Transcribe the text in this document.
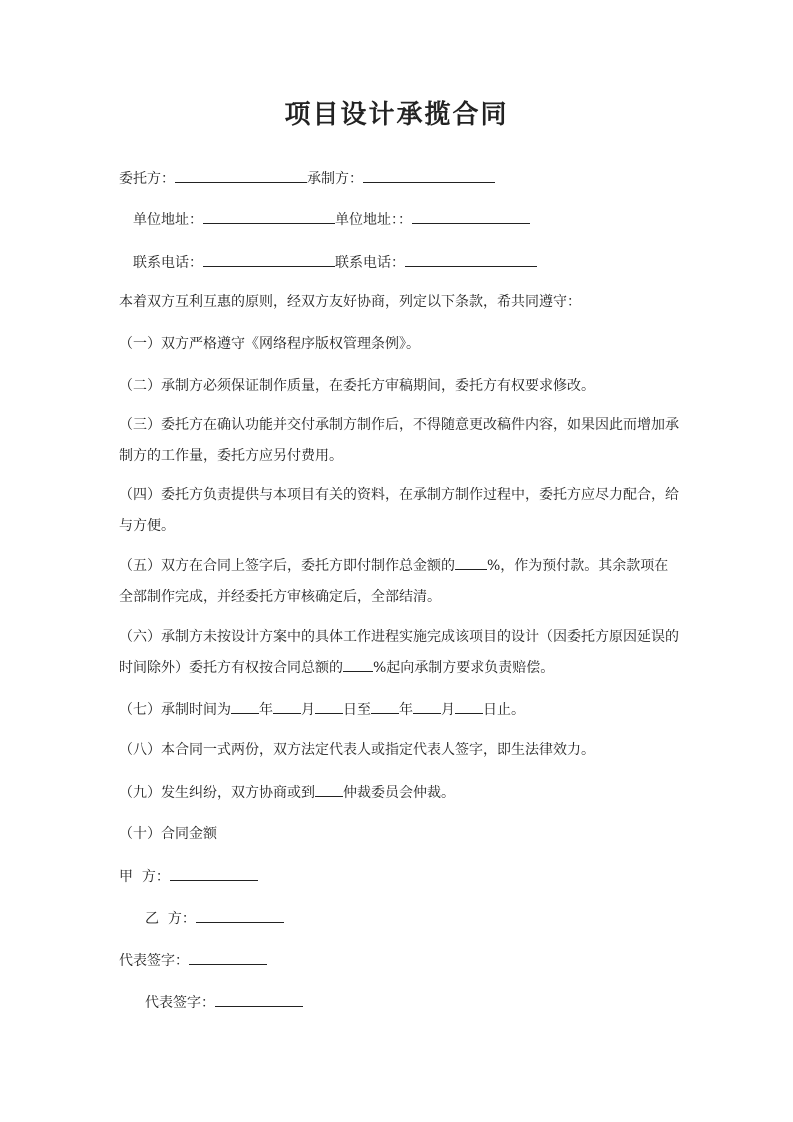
项目设计承揽合同
委托方：	承制方：
单位地址：	单位地址：：
联系电话：	联系电话：
本着双方互利互惠的原则，经双方友好协商，列定以下条款，希共同遵守：
（一）双方严格遵守《网络程序版权管理条例》。
（二）承制方必须保证制作质量，在委托方审稿期间，委托方有权要求修改。

（三）委托方在确认功能并交付承制方制作后，不得随意更改稿件内容，如果因此而增加承制方的工作量，委托方应另付费用。

（四）委托方负责提供与本项目有关的资料，在承制方制作过程中，委托方应尽力配合，给与方便。

（五）双方在合同上签字后，委托方即付制作总金额的 %，作为预付款。其余款项在全部制作完成，并经委托方审核确定后，全部结清。

（六）承制方未按设计方案中的具体工作进程实施完成该项目的设计（因委托方原因延误的时间除外）委托方有权按合同总额的 %起向承制方要求负责赔偿。

（七）承制时间为 年 月 日至 年 月 日止。
（八）本合同一式两份，双方法定代表人或指定代表人签字，即生法律效力。
（九）发生纠纷，双方协商或到 仲裁委员会仲裁。
（十）合同金额
甲  方：
乙  方：
代表签字：
代表签字：
